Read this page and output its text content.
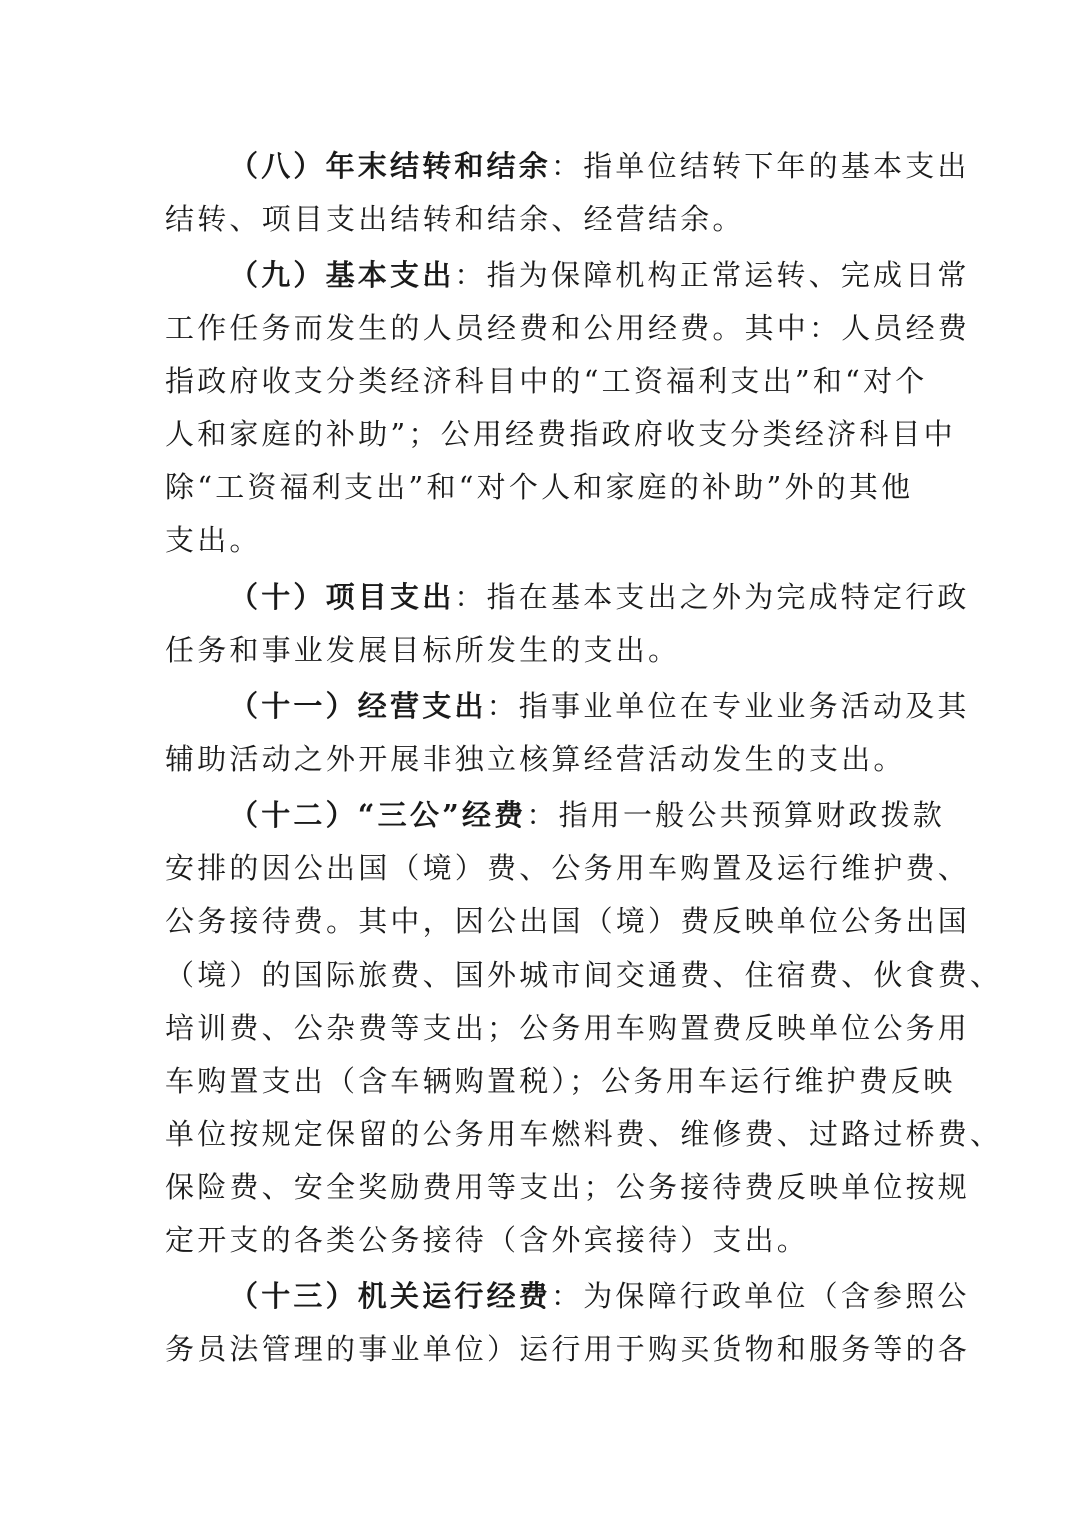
（八）年末结转和结余：指单位结转下年的基本支出
结转、项目支出结转和结余、经营结余。
（九）基本支出：指为保障机构正常运转、完成日常
工作任务而发生的人员经费和公用经费。其中：人员经费
指政府收支分类经济科目中的“工资福利支出”和“对个
人和家庭的补助”；公用经费指政府收支分类经济科目中
除“工资福利支出”和“对个人和家庭的补助”外的其他
支出。
（十）项目支出：指在基本支出之外为完成特定行政
任务和事业发展目标所发生的支出。
（十一）经营支出：指事业单位在专业业务活动及其
辅助活动之外开展非独立核算经营活动发生的支出。
（十二）“三公”经费：指用一般公共预算财政拨款
安排的因公出国（境）费、公务用车购置及运行维护费、
公务接待费。其中，因公出国（境）费反映单位公务出国
（境）的国际旅费、国外城市间交通费、住宿费、伙食费、
培训费、公杂费等支出；公务用车购置费反映单位公务用
车购置支出（含车辆购置税）；公务用车运行维护费反映
单位按规定保留的公务用车燃料费、维修费、过路过桥费、
保险费、安全奖励费用等支出；公务接待费反映单位按规
定开支的各类公务接待（含外宾接待）支出。
（十三）机关运行经费：为保障行政单位（含参照公
务员法管理的事业单位）运行用于购买货物和服务等的各
